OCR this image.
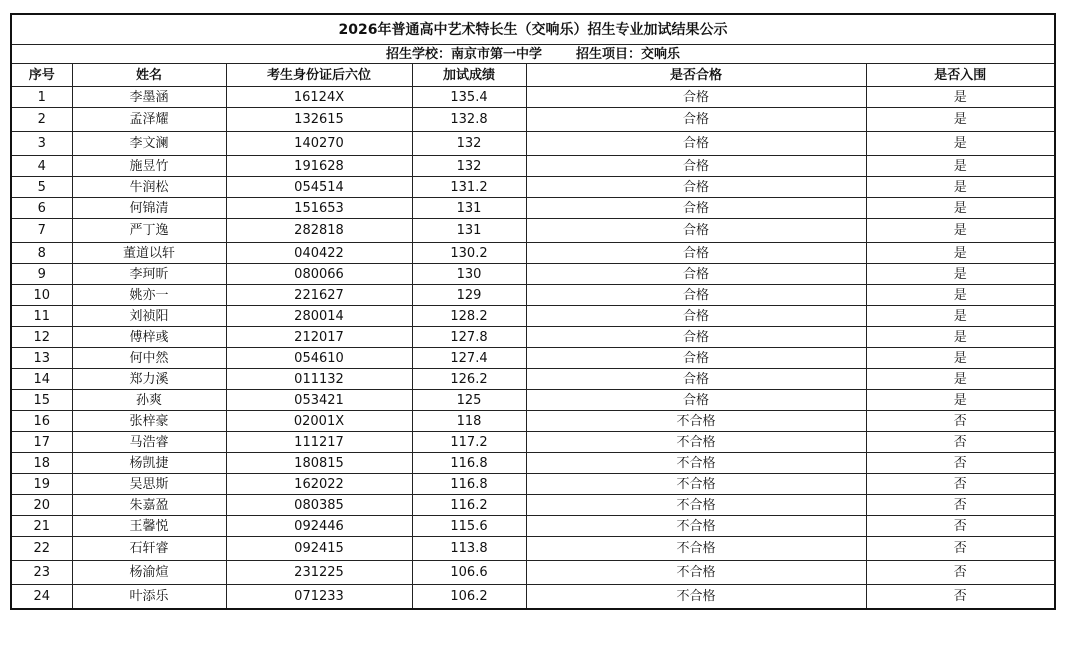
2026年普通高中艺术特长生（交响乐）招生专业加试结果公示					
招生学校：南京市第一中学 招生项目：交响乐					
序号	姓名	考生身份证后六位	加试成绩	是否合格	是否入围
1	李墨涵	16124X	135.4	合格	是
2	孟泽耀	132615	132.8	合格	是
3	李文澜	140270	132	合格	是
4	施昱竹	191628	132	合格	是
5	牛润松	054514	131.2	合格	是
6	何锦清	151653	131	合格	是
7	严丁逸	282818	131	合格	是
8	董道以轩	040422	130.2	合格	是
9	李珂昕	080066	130	合格	是
10	姚亦一	221627	129	合格	是
11	刘祯阳	280014	128.2	合格	是
12	傅梓彧	212017	127.8	合格	是
13	何中然	054610	127.4	合格	是
14	郑力溪	011132	126.2	合格	是
15	孙爽	053421	125	合格	是
16	张梓豪	02001X	118	不合格	否
17	马浩睿	111217	117.2	不合格	否
18	杨凯捷	180815	116.8	不合格	否
19	吴思斯	162022	116.8	不合格	否
20	朱嘉盈	080385	116.2	不合格	否
21	王馨悦	092446	115.6	不合格	否
22	石轩睿	092415	113.8	不合格	否
23	杨渝煊	231225	106.6	不合格	否
24	叶添乐	071233	106.2	不合格	否
